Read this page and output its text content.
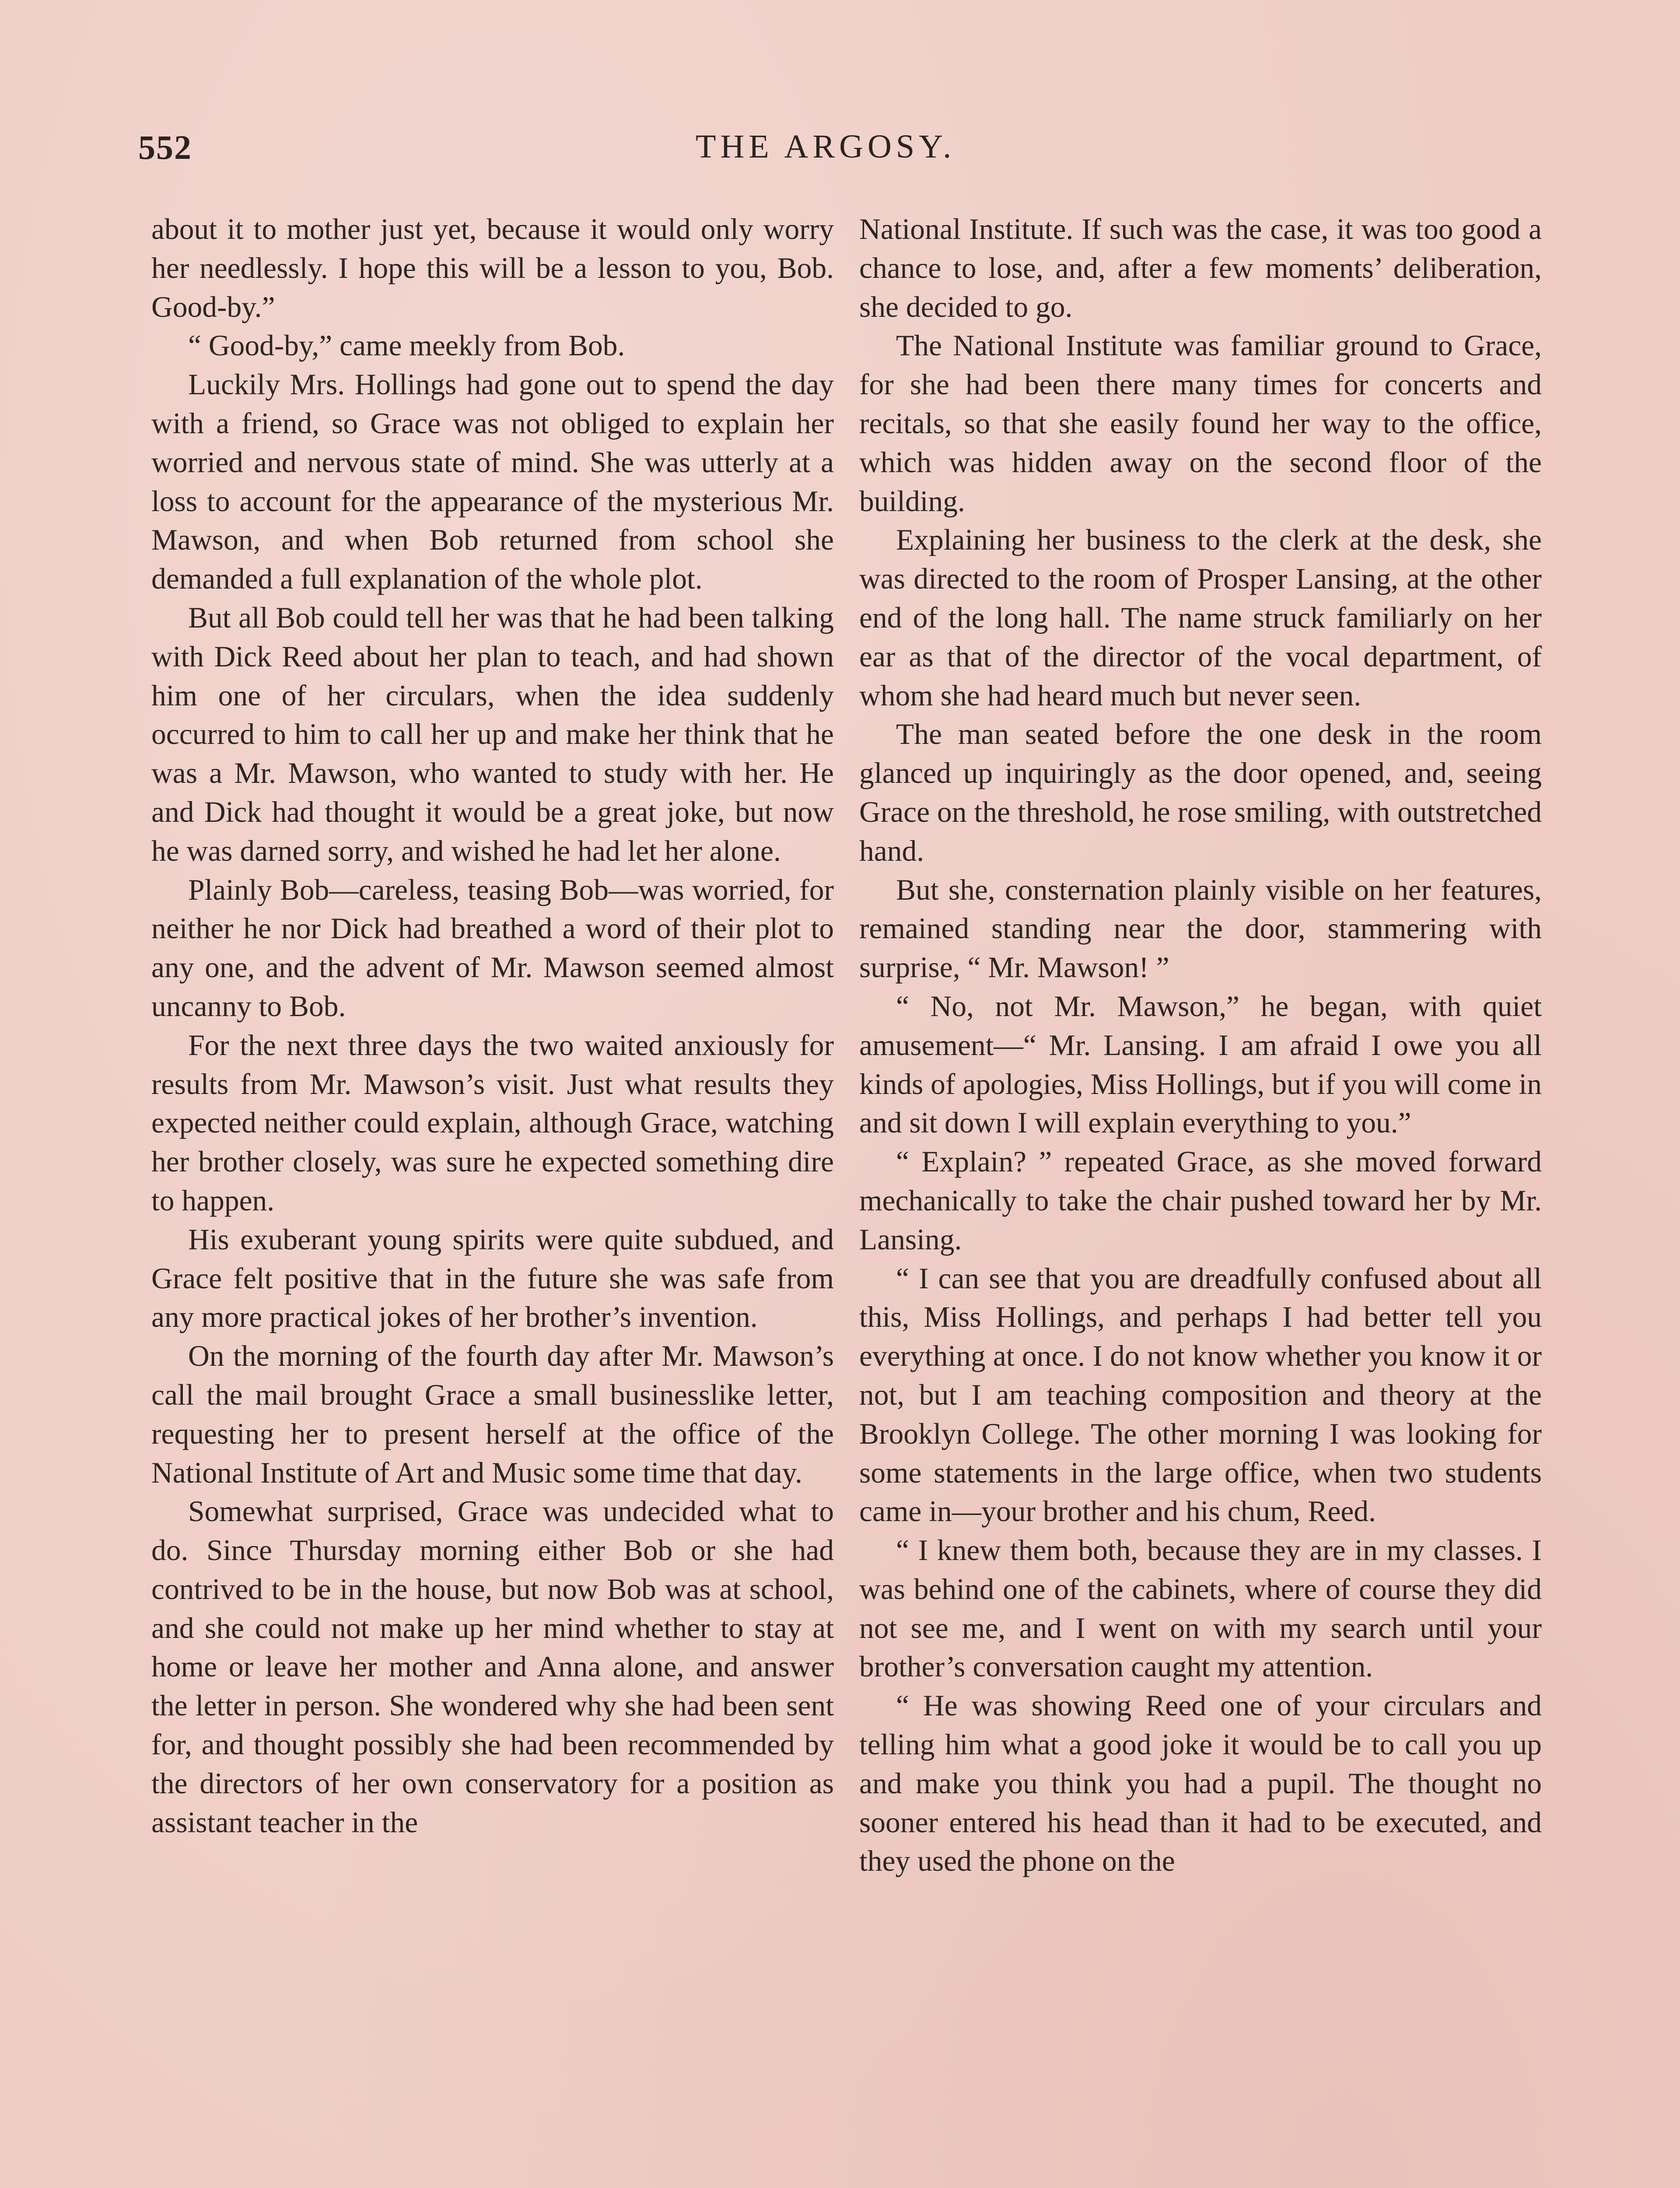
552	THE ARGOSY.

about it to mother just yet, because it would only worry her needlessly. I hope this will be a lesson to you, Bob. Good-by.”

“ Good-by,” came meekly from Bob.

Luckily Mrs. Hollings had gone out to spend the day with a friend, so Grace was not obliged to explain her worried and nervous state of mind. She was utterly at a loss to account for the appearance of the mysterious Mr. Mawson, and when Bob returned from school she demanded a full explanation of the whole plot.

But all Bob could tell her was that he had been talking with Dick Reed about her plan to teach, and had shown him one of her circulars, when the idea suddenly occurred to him to call her up and make her think that he was a Mr. Mawson, who wanted to study with her. He and Dick had thought it would be a great joke, but now he was darned sorry, and wished he had let her alone.

Plainly Bob—careless, teasing Bob—was worried, for neither he nor Dick had breathed a word of their plot to any one, and the advent of Mr. Mawson seemed almost uncanny to Bob.

For the next three days the two waited anxiously for results from Mr. Mawson’s visit. Just what results they expected neither could explain, although Grace, watching her brother closely, was sure he expected something dire to happen.

His exuberant young spirits were quite subdued, and Grace felt positive that in the future she was safe from any more practical jokes of her brother’s invention.

On the morning of the fourth day after Mr. Mawson’s call the mail brought Grace a small businesslike letter, requesting her to present herself at the office of the National Institute of Art and Music some time that day.

Somewhat surprised, Grace was undecided what to do. Since Thursday morning either Bob or she had contrived to be in the house, but now Bob was at school, and she could not make up her mind whether to stay at home or leave her mother and Anna alone, and answer the letter in person. She wondered why she had been sent for, and thought possibly she had been recommended by the directors of her own conservatory for a position as assistant teacher in the

National Institute. If such was the case, it was too good a chance to lose, and, after a few moments’ deliberation, she decided to go.

The National Institute was familiar ground to Grace, for she had been there many times for concerts and recitals, so that she easily found her way to the office, which was hidden away on the second floor of the building.

Explaining her business to the clerk at the desk, she was directed to the room of Prosper Lansing, at the other end of the long hall. The name struck familiarly on her ear as that of the director of the vocal department, of whom she had heard much but never seen.

The man seated before the one desk in the room glanced up inquiringly as the door opened, and, seeing Grace on the threshold, he rose smiling, with outstretched hand.

But she, consternation plainly visible on her features, remained standing near the door, stammering with surprise, “ Mr. Mawson! ”

“ No, not Mr. Mawson,” he began, with quiet amusement—“ Mr. Lansing. I am afraid I owe you all kinds of apologies, Miss Hollings, but if you will come in and sit down I will explain everything to you.”

“ Explain? ” repeated Grace, as she moved forward mechanically to take the chair pushed toward her by Mr. Lansing.

“ I can see that you are dreadfully confused about all this, Miss Hollings, and perhaps I had better tell you everything at once. I do not know whether you know it or not, but I am teaching composition and theory at the Brooklyn College. The other morning I was looking for some statements in the large office, when two students came in—your brother and his chum, Reed.

“ I knew them both, because they are in my classes. I was behind one of the cabinets, where of course they did not see me, and I went on with my search until your brother’s conversation caught my attention.

“ He was showing Reed one of your circulars and telling him what a good joke it would be to call you up and make you think you had a pupil. The thought no sooner entered his head than it had to be executed, and they used the phone on the
